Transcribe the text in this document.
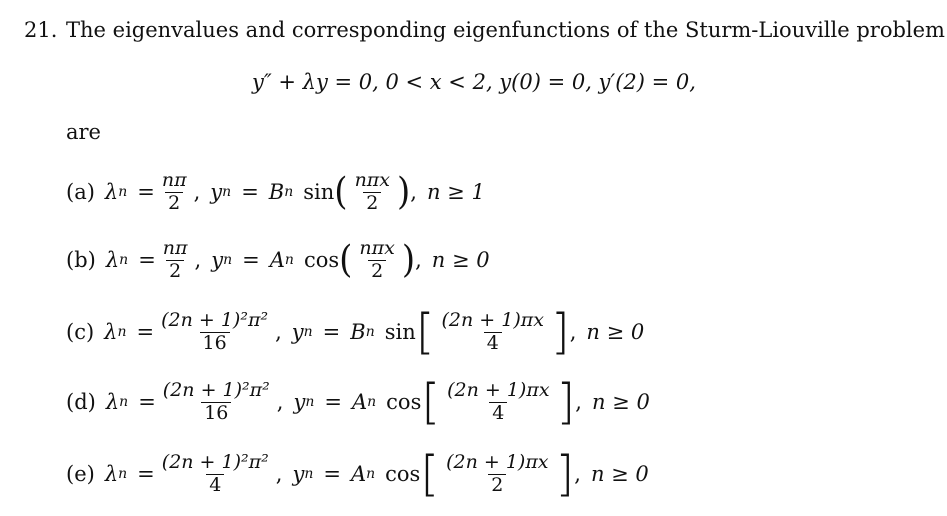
21. The eigenvalues and corresponding eigenfunctions of the Sturm-Liouville problem
y″ + λy = 0, 0 < x < 2, y(0) = 0, y′(2) = 0,
are
(a) λ $n = \frac{n\pi}{2}$ , y n = B n sin ( $\frac{\text{nπx}}{2}$ ) , n ≥ 1
(b) λ $n = \frac{n\pi}{2}$ , y n = A n cos ( $\frac{\text{nπx}}{2}$ ) , n ≥ 0
(c) λ $n = \frac{\text{(2n + 1)²π²}}{16}$ , y n = B n sin [ $\frac{(2n + 1)\pi x}{4}$ ] , n ≥ 0
(d) λ $n = \frac{\text{(2n + 1)²π²}}{16}$ , y n = A n cos [ $\frac{(2n + 1)\pi x}{4}$ ] , n ≥ 0
(e) λ $n = \frac{\text{(2n + 1)²π²}}{4}$ , y n = A n cos [ $\frac{(2n + 1)\pi x}{2}$ ] , n ≥ 0
